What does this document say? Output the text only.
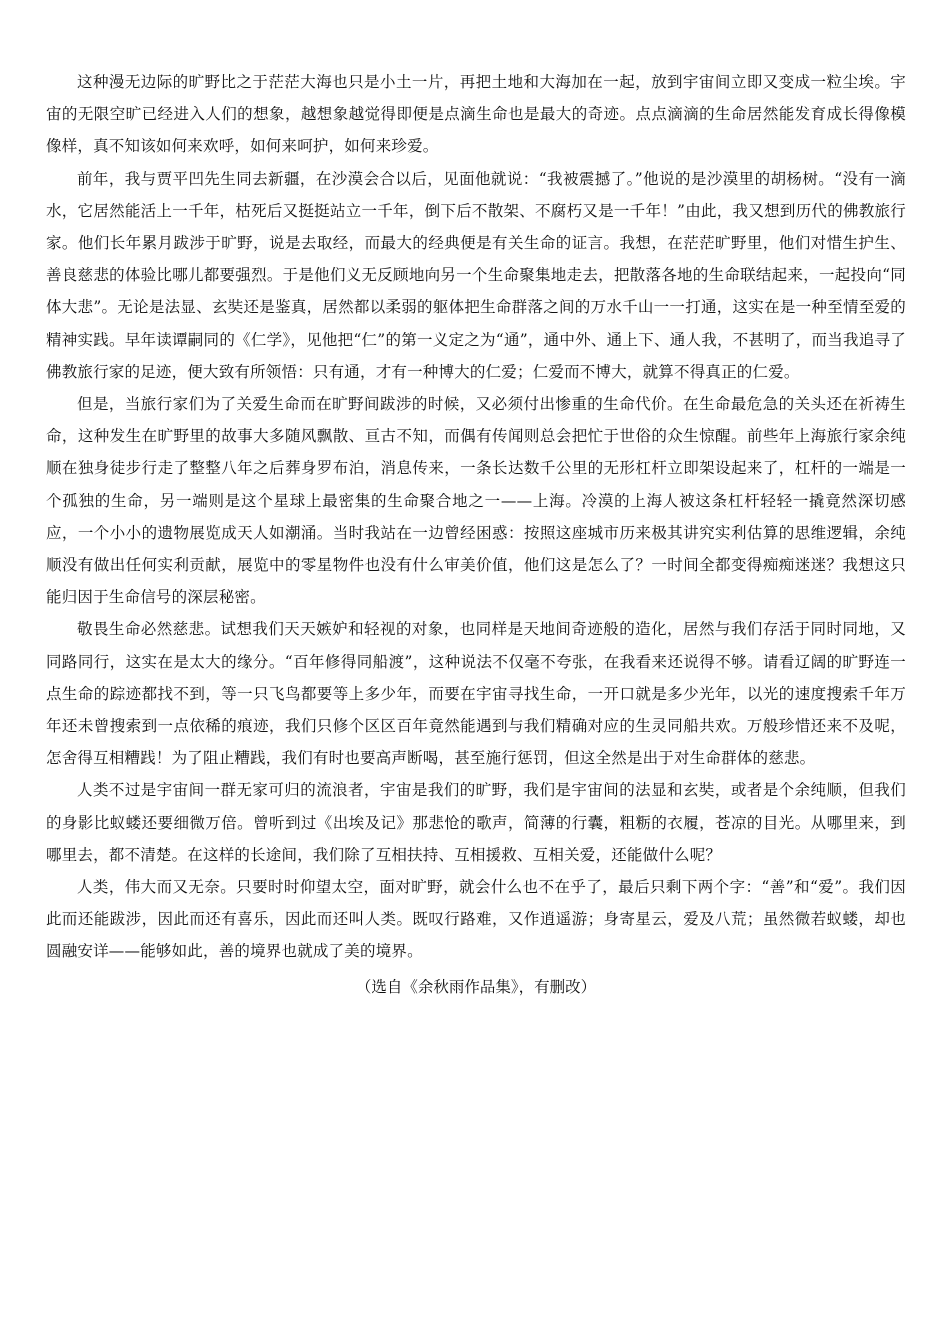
这种漫无边际的旷野比之于茫茫大海也只是小土一片，再把土地和大海加在一起，放到宇宙间立即又变成一粒尘埃。宇宙的无限空旷已经进入人们的想象，越想象越觉得即便是点滴生命也是最大的奇迹。点点滴滴的生命居然能发育成长得像模像样，真不知该如何来欢呼，如何来呵护，如何来珍爱。

前年，我与贾平凹先生同去新疆，在沙漠会合以后，见面他就说：“我被震撼了。”他说的是沙漠里的胡杨树。“没有一滴水，它居然能活上一千年，枯死后又挺挺站立一千年，倒下后不散架、不腐朽又是一千年！”由此，我又想到历代的佛教旅行家。他们长年累月跋涉于旷野，说是去取经，而最大的经典便是有关生命的证言。我想，在茫茫旷野里，他们对惜生护生、善良慈悲的体验比哪儿都要强烈。于是他们义无反顾地向另一个生命聚集地走去，把散落各地的生命联结起来，一起投向“同体大悲”。无论是法显、玄奘还是鉴真，居然都以柔弱的躯体把生命群落之间的万水千山一一打通，这实在是一种至情至爱的精神实践。早年读谭嗣同的《仁学》，见他把“仁”的第一义定之为“通”，通中外、通上下、通人我，不甚明了，而当我追寻了佛教旅行家的足迹，便大致有所领悟：只有通，才有一种博大的仁爱；仁爱而不博大，就算不得真正的仁爱。

但是，当旅行家们为了关爱生命而在旷野间跋涉的时候，又必须付出惨重的生命代价。在生命最危急的关头还在祈祷生命，这种发生在旷野里的故事大多随风飘散、亘古不知，而偶有传闻则总会把忙于世俗的众生惊醒。前些年上海旅行家余纯顺在独身徒步行走了整整八年之后葬身罗布泊，消息传来，一条长达数千公里的无形杠杆立即架设起来了，杠杆的一端是一个孤独的生命，另一端则是这个星球上最密集的生命聚合地之一——上海。冷漠的上海人被这条杠杆轻轻一撬竟然深切感应，一个小小的遗物展览成天人如潮涌。当时我站在一边曾经困惑：按照这座城市历来极其讲究实利估算的思维逻辑，余纯顺没有做出任何实利贡献，展览中的零星物件也没有什么审美价值，他们这是怎么了？一时间全都变得痴痴迷迷？我想这只能归因于生命信号的深层秘密。

敬畏生命必然慈悲。试想我们天天嫉妒和轻视的对象，也同样是天地间奇迹般的造化，居然与我们存活于同时同地，又同路同行，这实在是太大的缘分。“百年修得同船渡”，这种说法不仅毫不夸张，在我看来还说得不够。请看辽阔的旷野连一点生命的踪迹都找不到，等一只飞鸟都要等上多少年，而要在宇宙寻找生命，一开口就是多少光年，以光的速度搜索千年万年还未曾搜索到一点依稀的痕迹，我们只修个区区百年竟然能遇到与我们精确对应的生灵同船共欢。万般珍惜还来不及呢，怎舍得互相糟践！为了阻止糟践，我们有时也要高声断喝，甚至施行惩罚，但这全然是出于对生命群体的慈悲。

人类不过是宇宙间一群无家可归的流浪者，宇宙是我们的旷野，我们是宇宙间的法显和玄奘，或者是个余纯顺，但我们的身影比蚁蝼还要细微万倍。曾听到过《出埃及记》那悲怆的歌声，简薄的行囊，粗粝的衣履，苍凉的目光。从哪里来，到哪里去，都不清楚。在这样的长途间，我们除了互相扶持、互相援救、互相关爱，还能做什么呢？

人类，伟大而又无奈。只要时时仰望太空，面对旷野，就会什么也不在乎了，最后只剩下两个字：“善”和“爱”。我们因此而还能跋涉，因此而还有喜乐，因此而还叫人类。既叹行路难，又作逍遥游；身寄星云，爱及八荒；虽然微若蚁蝼，却也圆融安详——能够如此，善的境界也就成了美的境界。

（选自《余秋雨作品集》，有删改）
